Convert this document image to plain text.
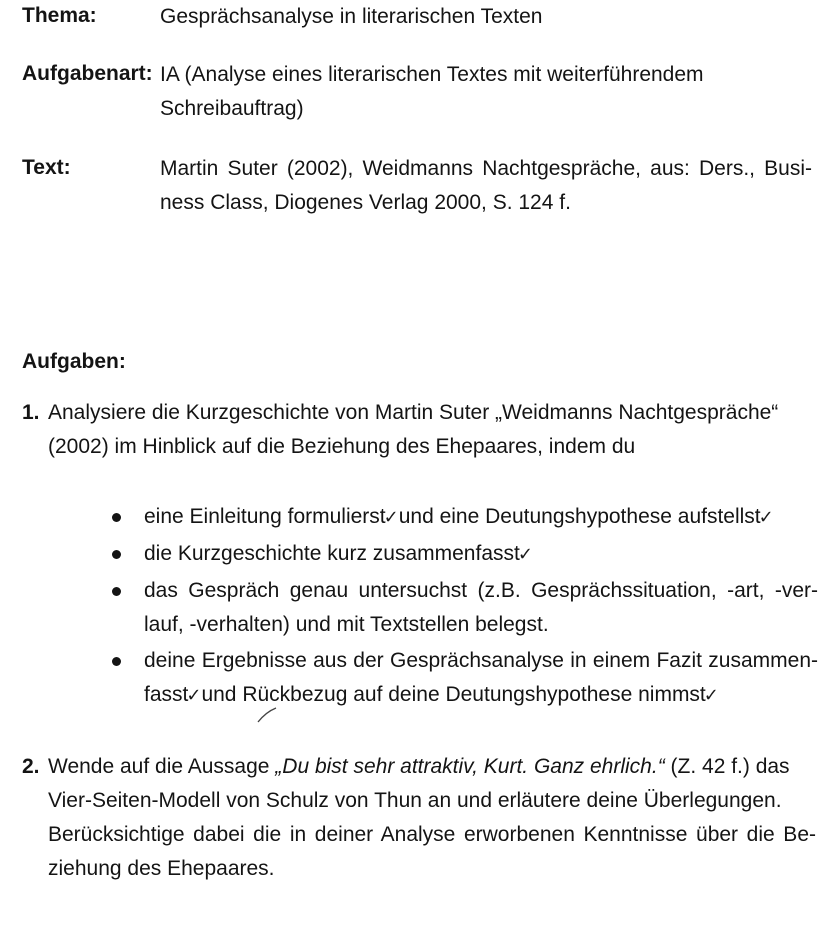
Thema:	Gesprächsanalyse in literarischen Texten
Aufgabenart: IA (Analyse eines literarischen Textes mit weiterführendem
Schreibauftrag)
Text:	Martin Suter (2002), Weidmanns Nachtgespräche, aus: Ders., Busi-
ness Class, Diogenes Verlag 2000, S. 124 f.
Aufgaben:
1. Analysiere die Kurzgeschichte von Martin Suter „Weidmanns Nachtgespräche“
(2002) im Hinblick auf die Beziehung des Ehepaares, indem du
eine Einleitung formulierst✓und eine Deutungshypothese aufstellst✓
die Kurzgeschichte kurz zusammenfasst✓
das Gespräch genau untersuchst (z.B. Gesprächssituation, -art, -ver-
lauf, -verhalten) und mit Textstellen belegst.
deine Ergebnisse aus der Gesprächsanalyse in einem Fazit zusammen-
fasst✓und Rückbezug auf deine Deutungshypothese nimmst✓
2. Wende auf die Aussage „Du bist sehr attraktiv, Kurt. Ganz ehrlich.“ (Z. 42 f.) das
Vier-Seiten-Modell von Schulz von Thun an und erläutere deine Überlegungen.
Berücksichtige dabei die in deiner Analyse erworbenen Kenntnisse über die Be-
ziehung des Ehepaares.
